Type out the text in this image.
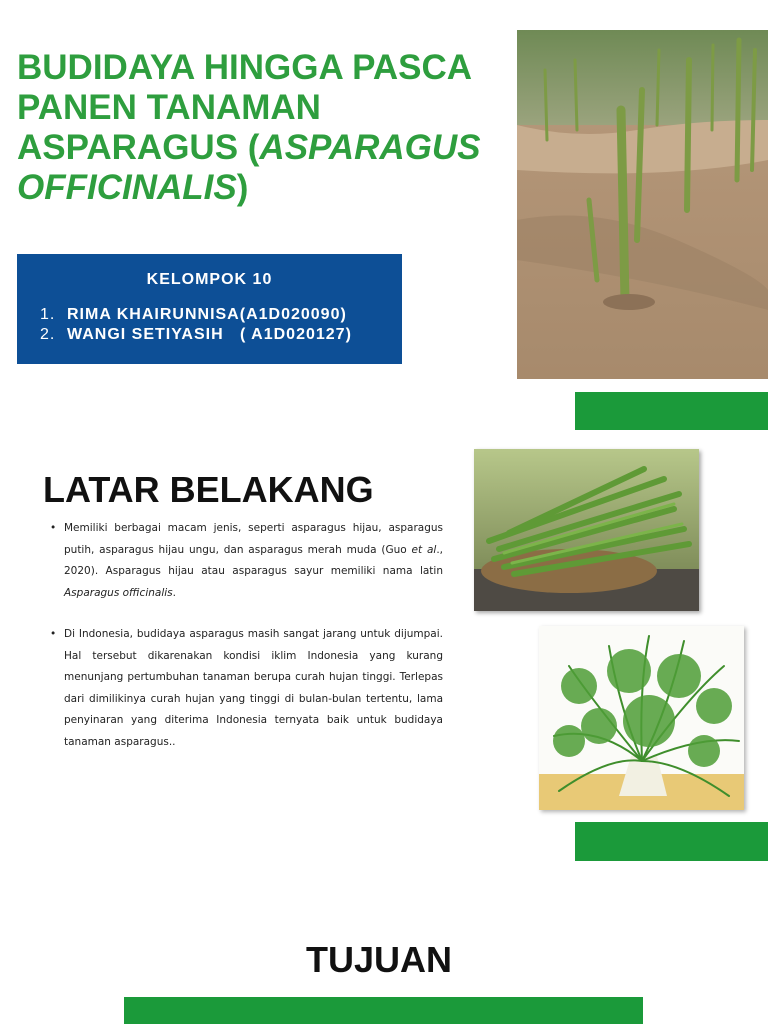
BUDIDAYA HINGGA PASCA
PANEN TANAMAN
ASPARAGUS (ASPARAGUS
OFFICINALIS)
KELOMPOK 10
1. RIMA KHAIRUNNISA(A1D020090)
2. WANGI SETIYASIH   ( A1D020127)
LATAR BELAKANG
• Memiliki berbagai macam jenis, seperti asparagus hijau, asparagus putih, asparagus hijau ungu, dan asparagus merah muda (Guo et al., 2020). Asparagus hijau atau asparagus sayur memiliki nama latin Asparagus officinalis.
• Di Indonesia, budidaya asparagus masih sangat jarang untuk dijumpai. Hal tersebut dikarenakan kondisi iklim Indonesia yang kurang menunjang pertumbuhan tanaman berupa curah hujan tinggi. Terlepas dari dimilikinya curah hujan yang tinggi di bulan-bulan tertentu, lama penyinaran yang diterima Indonesia ternyata baik untuk budidaya tanaman asparagus..
TUJUAN
